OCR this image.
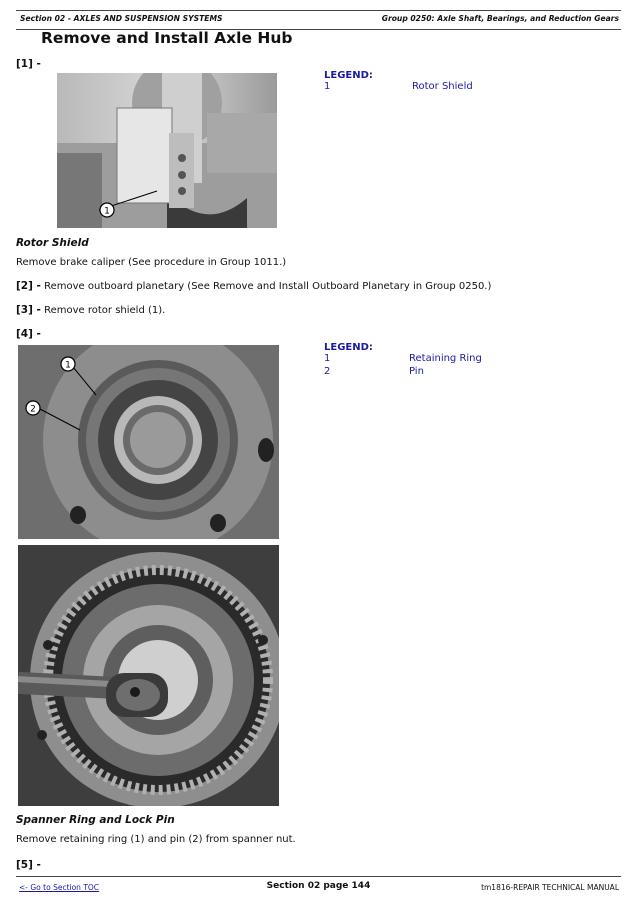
Section 02 - AXLES AND SUSPENSION SYSTEMS	Group 0250: Axle Shaft, Bearings, and Reduction Gears
Remove and Install Axle Hub
[1] -
1
LEGEND:
1	Rotor Shield
Rotor Shield
Remove brake caliper (See procedure in Group 1011.)
[2] - Remove outboard planetary (See Remove and Install Outboard Planetary in Group 0250.)
[3] - Remove rotor shield (1).
[4] -
1
2
LEGEND:
1	Retaining Ring
2	Pin
Spanner Ring and Lock Pin
Remove retaining ring (1) and pin (2) from spanner nut.
[5] -
<- Go to Section TOC	Section 02 page 144	tm1816-REPAIR TECHNICAL MANUAL
